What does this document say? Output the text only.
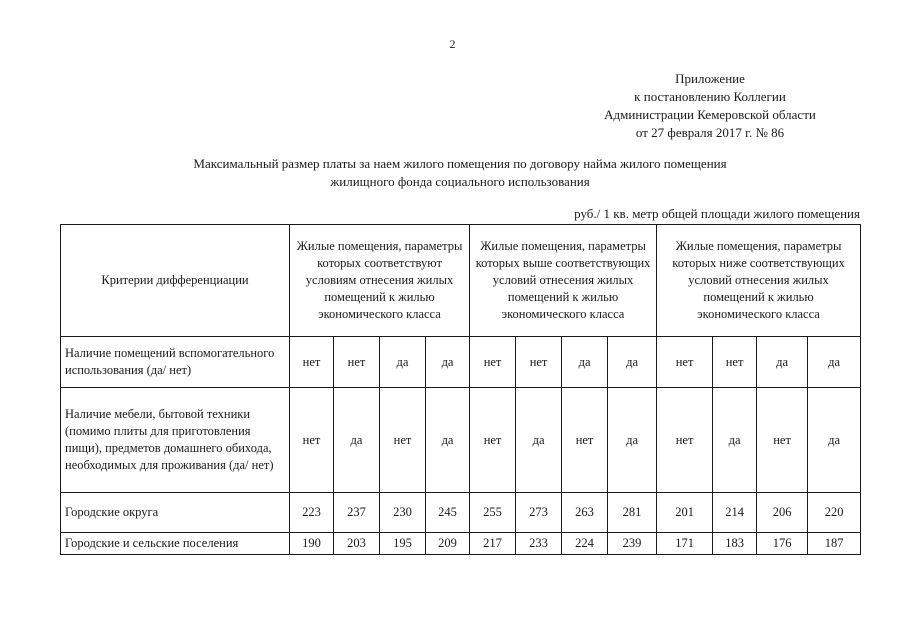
2
Приложение
к постановлению Коллегии
Администрации Кемеровской области
от 27 февраля 2017 г. № 86
Максимальный размер платы за наем жилого помещения по договору найма жилого помещения
жилищного фонда социального использования
руб./ 1 кв. метр общей площади жилого помещения
Критерии дифференциации	Жилые помещения, параметры которых соответствуют условиям отнесения жилых помещений к жилью экономического класса				Жилые помещения, параметры которых выше соответствующих условий отнесения жилых помещений к жилью экономического класса				Жилые помещения, параметры которых ниже соответствующих условий отнесения жилых помещений к жилью экономического класса			
Наличие помещений вспомогательного использования (да/ нет)	нет	нет	да	да	нет	нет	да	да	нет	нет	да	да
Наличие мебели, бытовой техники (помимо плиты для приготовления пищи), предметов домашнего обихода, необходимых для проживания (да/ нет)	нет	да	нет	да	нет	да	нет	да	нет	да	нет	да
Городские округа	223	237	230	245	255	273	263	281	201	214	206	220
Городские и сельские поселения	190	203	195	209	217	233	224	239	171	183	176	187
